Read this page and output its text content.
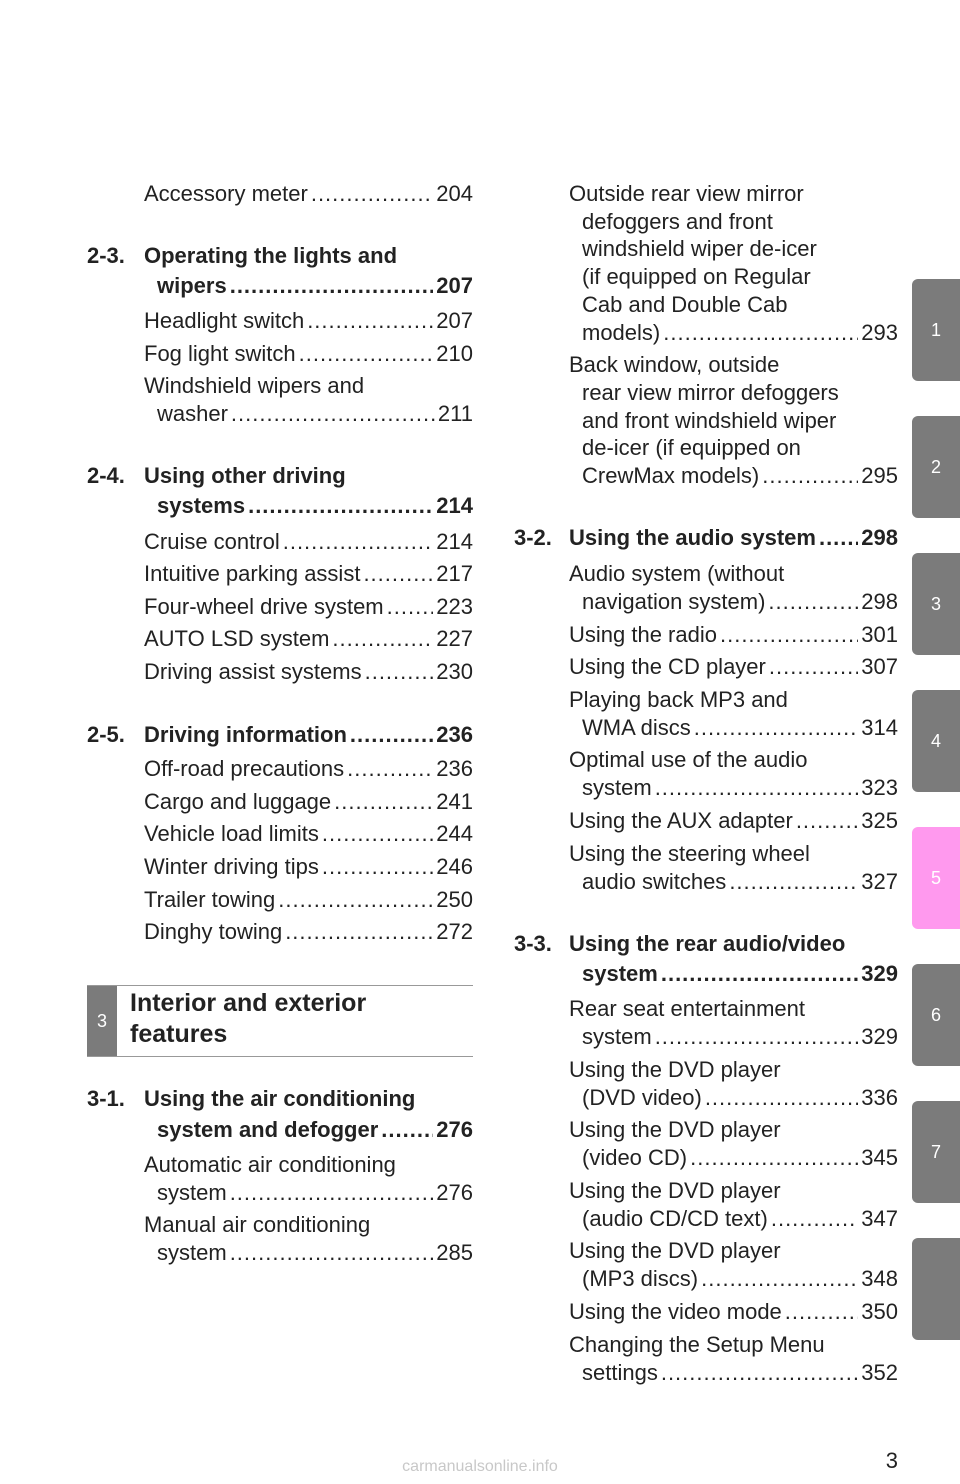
1
2
3
4
5
6
7
Accessory meter .....	204
2-3. Operating the lights and
wipers .....	207
Headlight switch .....	207
Fog light switch .....	210
Windshield wipers and
washer .....	211
2-4. Using other driving
systems .....	214
Cruise control .....	214
Intuitive parking assist .....	217
Four-wheel drive system ..... 223
AUTO LSD system .....	227
Driving assist systems .....	230
2-5. Driving information .....	236
Off-road precautions .....	236
Cargo and luggage .....	241
Vehicle load limits .....	244
Winter driving tips .....	246
Trailer towing .....	250
Dinghy towing .....	272
3
Interior and exterior
features
3-1. Using the air conditioning
system and defogger .....	276
Automatic air conditioning
system .....	276
Manual air conditioning
system .....	285
Outside rear view mirror
defoggers and front
windshield wiper de-icer
(if equipped on Regular
Cab and Double Cab
models) .....	293
Back window, outside
rear view mirror defoggers
and front windshield wiper
de-icer (if equipped on
CrewMax models) .....	295
3-2. Using the audio system ..... 298
Audio system (without
navigation system) .....	298
Using the radio .....	301
Using the CD player .....	307
Playing back MP3 and
WMA discs .....	314
Optimal use of the audio
system .....	323
Using the AUX adapter .....	325
Using the steering wheel
audio switches .....	327
3-3. Using the rear audio/video
system .....	329
Rear seat entertainment
system .....	329
Using the DVD player
(DVD video) .....	336
Using the DVD player
(video CD) .....	345
Using the DVD player
(audio CD/CD text) .....	347
Using the DVD player
(MP3 discs) .....	348
Using the video mode .....	350
Changing the Setup Menu
settings .....	352
3
carmanualsonline.info
